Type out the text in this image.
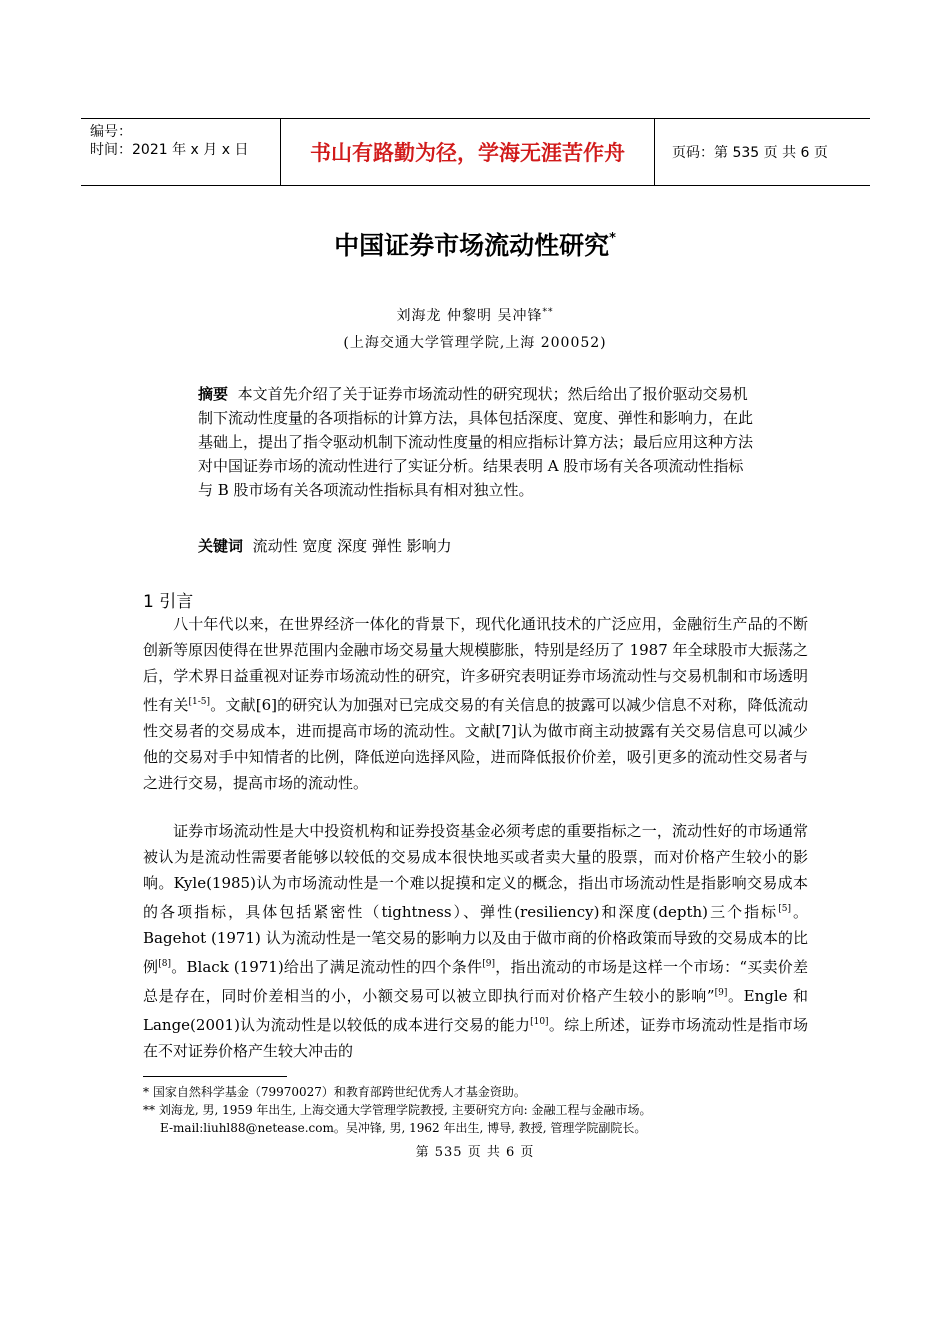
编号：
时间：2021 年 x 月 x 日	书山有路勤为径，学海无涯苦作舟	页码：第 535 页 共 6 页
中国证券市场流动性研究*
刘海龙 仲黎明 吴冲锋**
(上海交通大学管理学院,上海 200052)
摘要 本文首先介绍了关于证券市场流动性的研究现状；然后给出了报价驱动交易机制下流动性度量的各项指标的计算方法，具体包括深度、宽度、弹性和影响力，在此基础上，提出了指令驱动机制下流动性度量的相应指标计算方法；最后应用这种方法对中国证券市场的流动性进行了实证分析。结果表明 A 股市场有关各项流动性指标与 B 股市场有关各项流动性指标具有相对独立性。
关键词 流动性 宽度 深度 弹性 影响力
1 引言
八十年代以来，在世界经济一体化的背景下，现代化通讯技术的广泛应用，金融衍生产品的不断创新等原因使得在世界范围内金融市场交易量大规模膨胀，特别是经历了 1987 年全球股市大振荡之后，学术界日益重视对证券市场流动性的研究，许多研究表明证券市场流动性与交易机制和市场透明性有关[1-5]。文献[6]的研究认为加强对已完成交易的有关信息的披露可以减少信息不对称，降低流动性交易者的交易成本，进而提高市场的流动性。文献[7]认为做市商主动披露有关交易信息可以减少他的交易对手中知情者的比例，降低逆向选择风险，进而降低报价价差，吸引更多的流动性交易者与之进行交易，提高市场的流动性。
证券市场流动性是大中投资机构和证券投资基金必须考虑的重要指标之一，流动性好的市场通常被认为是流动性需要者能够以较低的交易成本很快地买或者卖大量的股票，而对价格产生较小的影响。Kyle(1985)认为市场流动性是一个难以捉摸和定义的概念，指出市场流动性是指影响交易成本的各项指标，具体包括紧密性（tightness）、弹性(resiliency)和深度(depth)三个指标[5]。Bagehot (1971) 认为流动性是一笔交易的影响力以及由于做市商的价格政策而导致的交易成本的比例[8]。Black (1971)给出了满足流动性的四个条件[9]，指出流动的市场是这样一个市场：“买卖价差总是存在，同时价差相当的小，小额交易可以被立即执行而对价格产生较小的影响”[9]。Engle 和 Lange(2001)认为流动性是以较低的成本进行交易的能力[10]。综上所述，证券市场流动性是指市场在不对证券价格产生较大冲击的
* 国家自然科学基金（79970027）和教育部跨世纪优秀人才基金资助。
** 刘海龙, 男, 1959 年出生, 上海交通大学管理学院教授, 主要研究方向: 金融工程与金融市场。
E-mail:liuhl88@netease.com。吴冲锋, 男, 1962 年出生, 博导, 教授, 管理学院副院长。
第 535 页 共 6 页
